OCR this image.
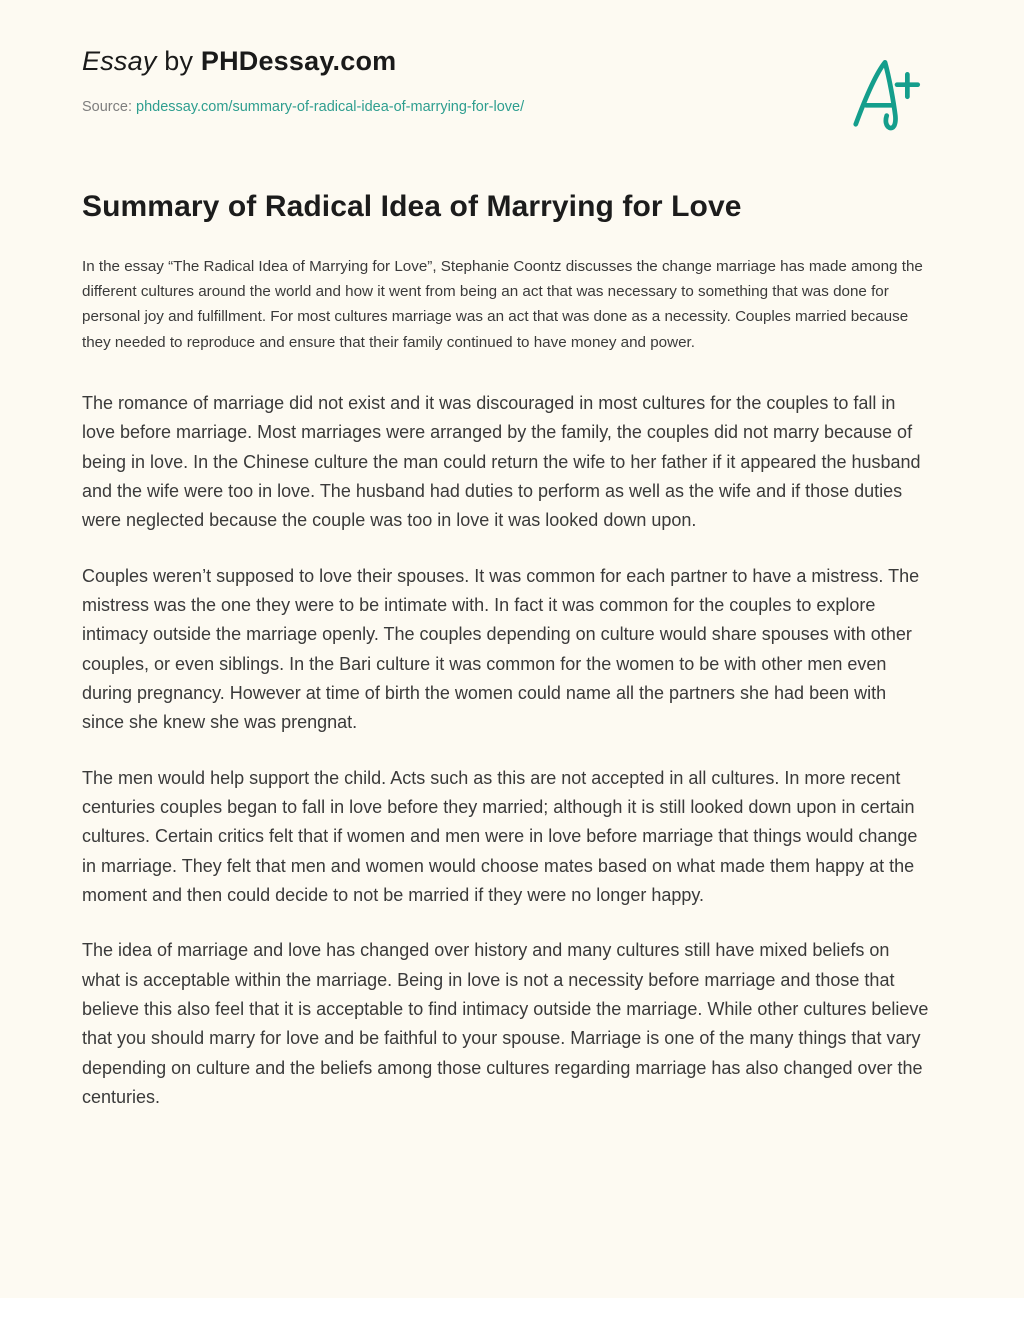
Essay by PHDessay.com
Source: phdessay.com/summary-of-radical-idea-of-marrying-for-love/
Summary of Radical Idea of Marrying for Love

In the essay “The Radical Idea of Marrying for Love”, Stephanie Coontz discusses the change marriage has made among the different cultures around the world and how it went from being an act that was necessary to something that was done for personal joy and fulfillment. For most cultures marriage was an act that was done as a necessity. Couples married because they needed to reproduce and ensure that their family continued to have money and power.

The romance of marriage did not exist and it was discouraged in most cultures for the couples to fall in love before marriage. Most marriages were arranged by the family, the couples did not marry because of being in love. In the Chinese culture the man could return the wife to her father if it appeared the husband and the wife were too in love. The husband had duties to perform as well as the wife and if those duties were neglected because the couple was too in love it was looked down upon.

Couples weren’t supposed to love their spouses. It was common for each partner to have a mistress. The mistress was the one they were to be intimate with. In fact it was common for the couples to explore intimacy outside the marriage openly. The couples depending on culture would share spouses with other couples, or even siblings. In the Bari culture it was common for the women to be with other men even during pregnancy. However at time of birth the women could name all the partners she had been with since she knew she was prengnat.

The men would help support the child. Acts such as this are not accepted in all cultures. In more recent centuries couples began to fall in love before they married; although it is still looked down upon in certain cultures. Certain critics felt that if women and men were in love before marriage that things would change in marriage. They felt that men and women would choose mates based on what made them happy at the moment and then could decide to not be married if they were no longer happy.

The idea of marriage and love has changed over history and many cultures still have mixed beliefs on what is acceptable within the marriage. Being in love is not a necessity before marriage and those that believe this also feel that it is acceptable to find intimacy outside the marriage. While other cultures believe that you should marry for love and be faithful to your spouse. Marriage is one of the many things that vary depending on culture and the beliefs among those cultures regarding marriage has also changed over the centuries.
